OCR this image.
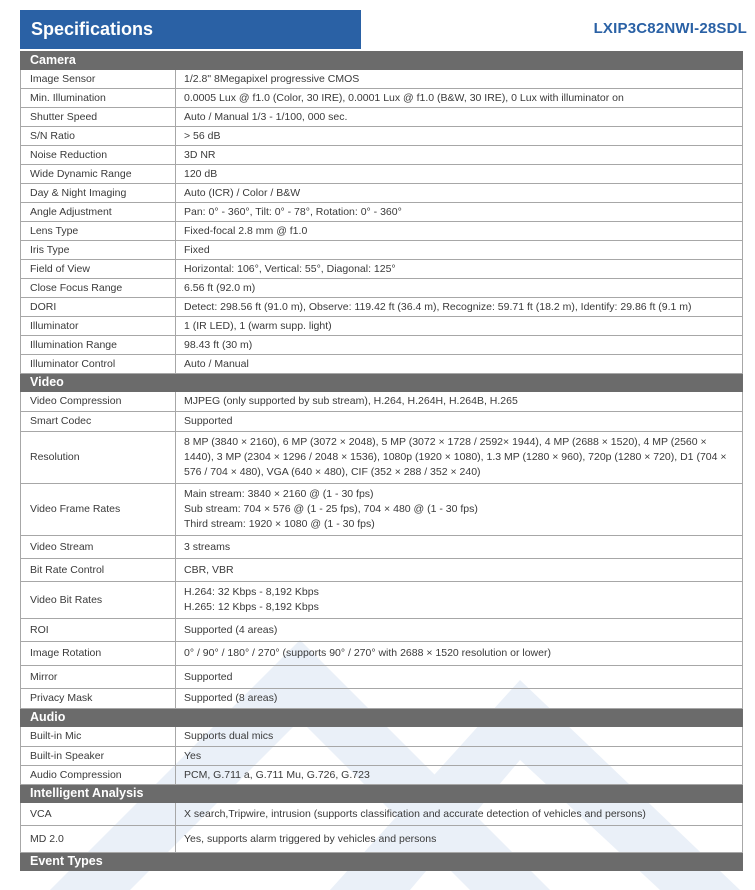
Specifications	LXIP3C82NWI-28SDL
Camera	
Image Sensor	1/2.8" 8Megapixel progressive CMOS
Min. Illumination	0.0005 Lux @ f1.0 (Color, 30 IRE), 0.0001 Lux @ f1.0 (B&W, 30 IRE), 0 Lux with illuminator on
Shutter Speed	Auto / Manual 1/3 - 1/100, 000 sec.
S/N Ratio	> 56 dB
Noise Reduction	3D NR
Wide Dynamic Range	120 dB
Day & Night Imaging	Auto (ICR) / Color / B&W
Angle Adjustment	Pan: 0° - 360°, Tilt: 0° - 78°, Rotation: 0° - 360°
Lens Type	Fixed-focal 2.8 mm @ f1.0
Iris Type	Fixed
Field of View	Horizontal: 106°, Vertical: 55°, Diagonal: 125°
Close Focus Range	6.56 ft (92.0 m)
DORI	Detect: 298.56 ft (91.0 m), Observe: 119.42 ft (36.4 m), Recognize: 59.71 ft (18.2 m), Identify: 29.86 ft (9.1 m)
Illuminator	1 (IR LED), 1 (warm supp. light)
Illumination Range	98.43 ft (30 m)
Illuminator Control	Auto / Manual
Video	
Video Compression	MJPEG (only supported by sub stream), H.264, H.264H, H.264B, H.265
Smart Codec	Supported
Resolution	8 MP (3840 × 2160), 6 MP (3072 × 2048), 5 MP (3072 × 1728 / 2592× 1944), 4 MP (2688 × 1520), 4 MP (2560 × 1440), 3 MP (2304 × 1296 / 2048 × 1536), 1080p (1920 × 1080), 1.3 MP (1280 × 960), 720p (1280 × 720), D1 (704 × 576 / 704 × 480), VGA (640 × 480), CIF (352 × 288 / 352 × 240)
Video Frame Rates	Main stream: 3840 × 2160 @ (1 - 30 fps)
Sub stream: 704 × 576 @ (1 - 25 fps), 704 × 480 @ (1 - 30 fps)
Third stream: 1920 × 1080 @ (1 - 30 fps)

Video Stream	3 streams
Bit Rate Control	CBR, VBR
Video Bit Rates	H.264: 32 Kbps - 8,192 Kbps
H.265: 12 Kbps - 8,192 Kbps

ROI	Supported (4 areas)
Image Rotation	0° / 90° / 180° / 270° (supports 90° / 270° with 2688 × 1520 resolution or lower)
Mirror	Supported
Privacy Mask	Supported (8 areas)
Audio	
Built-in Mic	Supports dual mics
Built-in Speaker	Yes
Audio Compression	PCM, G.711 a, G.711 Mu, G.726, G.723
Intelligent Analysis	
VCA	X search,Tripwire, intrusion (supports classification and accurate detection of vehicles and persons)
MD 2.0	Yes, supports alarm triggered by vehicles and persons
Event Types	
